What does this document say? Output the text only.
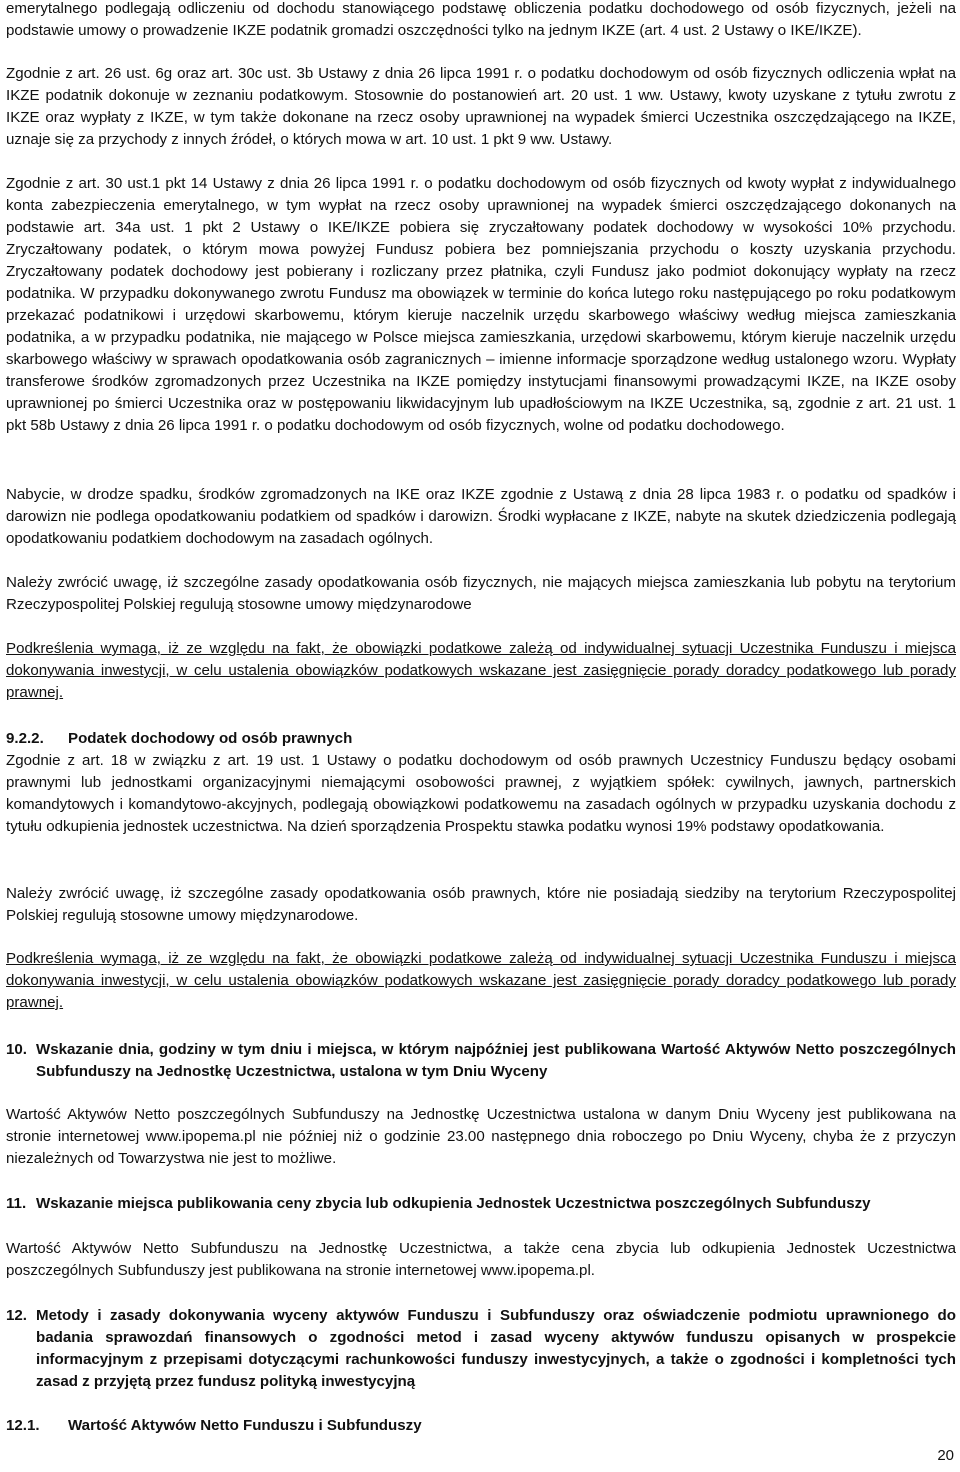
emerytalnego podlegają odliczeniu od dochodu stanowiącego podstawę obliczenia podatku dochodowego od osób fizycznych, jeżeli na podstawie umowy o prowadzenie IKZE podatnik gromadzi oszczędności tylko na jednym IKZE (art. 4 ust. 2 Ustawy o IKE/IKZE).

Zgodnie z art. 26 ust. 6g oraz art. 30c ust. 3b Ustawy z dnia 26 lipca 1991 r. o podatku dochodowym od osób fizycznych odliczenia wpłat na IKZE podatnik dokonuje w zeznaniu podatkowym. Stosownie do postanowień art. 20 ust. 1 ww. Ustawy, kwoty uzyskane z tytułu zwrotu z IKZE oraz wypłaty z IKZE, w tym także dokonane na rzecz osoby uprawnionej na wypadek śmierci Uczestnika oszczędzającego na IKZE, uznaje się za przychody z innych źródeł, o których mowa w art. 10 ust. 1 pkt 9 ww. Ustawy.

Zgodnie z art. 30 ust.1 pkt 14 Ustawy z dnia 26 lipca 1991 r. o podatku dochodowym od osób fizycznych od kwoty wypłat z indywidualnego konta zabezpieczenia emerytalnego, w tym wypłat na rzecz osoby uprawnionej na wypadek śmierci oszczędzającego dokonanych na podstawie art. 34a ust. 1 pkt 2 Ustawy o IKE/IKZE pobiera się zryczałtowany podatek dochodowy w wysokości 10% przychodu. Zryczałtowany podatek, o którym mowa powyżej Fundusz pobiera bez pomniejszania przychodu o koszty uzyskania przychodu. Zryczałtowany podatek dochodowy jest pobierany i rozliczany przez płatnika, czyli Fundusz jako podmiot dokonujący wypłaty na rzecz podatnika. W przypadku dokonywanego zwrotu Fundusz ma obowiązek w terminie do końca lutego roku następującego po roku podatkowym przekazać podatnikowi i urzędowi skarbowemu, którym kieruje naczelnik urzędu skarbowego właściwy według miejsca zamieszkania podatnika, a w przypadku podatnika, nie mającego w Polsce miejsca zamieszkania, urzędowi skarbowemu, którym kieruje naczelnik urzędu skarbowego właściwy w sprawach opodatkowania osób zagranicznych – imienne informacje sporządzone według ustalonego wzoru. Wypłaty transferowe środków zgromadzonych przez Uczestnika na IKZE pomiędzy instytucjami finansowymi prowadzącymi IKZE, na IKZE osoby uprawnionej po śmierci Uczestnika oraz w postępowaniu likwidacyjnym lub upadłościowym na IKZE Uczestnika, są, zgodnie z art. 21 ust. 1 pkt 58b Ustawy z dnia 26 lipca 1991 r. o podatku dochodowym od osób fizycznych, wolne od podatku dochodowego.

Nabycie, w drodze spadku, środków zgromadzonych na IKE oraz IKZE zgodnie z Ustawą z dnia 28 lipca 1983 r. o podatku od spadków i darowizn nie podlega opodatkowaniu podatkiem od spadków i darowizn. Środki wypłacane z IKZE, nabyte na skutek dziedziczenia podlegają opodatkowaniu podatkiem dochodowym na zasadach ogólnych.

Należy zwrócić uwagę, iż szczególne zasady opodatkowania osób fizycznych, nie mających miejsca zamieszkania lub pobytu na terytorium Rzeczypospolitej Polskiej regulują stosowne umowy międzynarodowe

Podkreślenia wymaga, iż ze względu na fakt, że obowiązki podatkowe zależą od indywidualnej sytuacji Uczestnika Funduszu i miejsca dokonywania inwestycji, w celu ustalenia obowiązków podatkowych wskazane jest zasięgnięcie porady doradcy podatkowego lub porady prawnej.

9.2.2. Podatek dochodowy od osób prawnych

Zgodnie z art. 18 w związku z art. 19 ust. 1 Ustawy o podatku dochodowym od osób prawnych Uczestnicy Funduszu będący osobami prawnymi lub jednostkami organizacyjnymi niemającymi osobowości prawnej, z wyjątkiem spółek: cywilnych, jawnych, partnerskich komandytowych i komandytowo-akcyjnych, podlegają obowiązkowi podatkowemu na zasadach ogólnych w przypadku uzyskania dochodu z tytułu odkupienia jednostek uczestnictwa. Na dzień sporządzenia Prospektu stawka podatku wynosi 19% podstawy opodatkowania.

Należy zwrócić uwagę, iż szczególne zasady opodatkowania osób prawnych, które nie posiadają siedziby na terytorium Rzeczypospolitej Polskiej regulują stosowne umowy międzynarodowe.

Podkreślenia wymaga, iż ze względu na fakt, że obowiązki podatkowe zależą od indywidualnej sytuacji Uczestnika Funduszu i miejsca dokonywania inwestycji, w celu ustalenia obowiązków podatkowych wskazane jest zasięgnięcie porady doradcy podatkowego lub porady prawnej.

10. Wskazanie dnia, godziny w tym dniu i miejsca, w którym najpóźniej jest publikowana Wartość Aktywów Netto poszczególnych Subfunduszy na Jednostkę Uczestnictwa, ustalona w tym Dniu Wyceny

Wartość Aktywów Netto poszczególnych Subfunduszy na Jednostkę Uczestnictwa ustalona w danym Dniu Wyceny jest publikowana na stronie internetowej www.ipopema.pl nie później niż o godzinie 23.00 następnego dnia roboczego po Dniu Wyceny, chyba że z przyczyn niezależnych od Towarzystwa nie jest to możliwe.

11. Wskazanie miejsca publikowania ceny zbycia lub odkupienia Jednostek Uczestnictwa poszczególnych Subfunduszy

Wartość Aktywów Netto Subfunduszu na Jednostkę Uczestnictwa, a także cena zbycia lub odkupienia Jednostek Uczestnictwa poszczególnych Subfunduszy jest publikowana na stronie internetowej www.ipopema.pl.

12. Metody i zasady dokonywania wyceny aktywów Funduszu i Subfunduszy oraz oświadczenie podmiotu uprawnionego do badania sprawozdań finansowych o zgodności metod i zasad wyceny aktywów funduszu opisanych w prospekcie informacyjnym z przepisami dotyczącymi rachunkowości funduszy inwestycyjnych, a także o zgodności i kompletności tych zasad z przyjętą przez fundusz polityką inwestycyjną
12.1. Wartość Aktywów Netto Funduszu i Subfunduszy
20
